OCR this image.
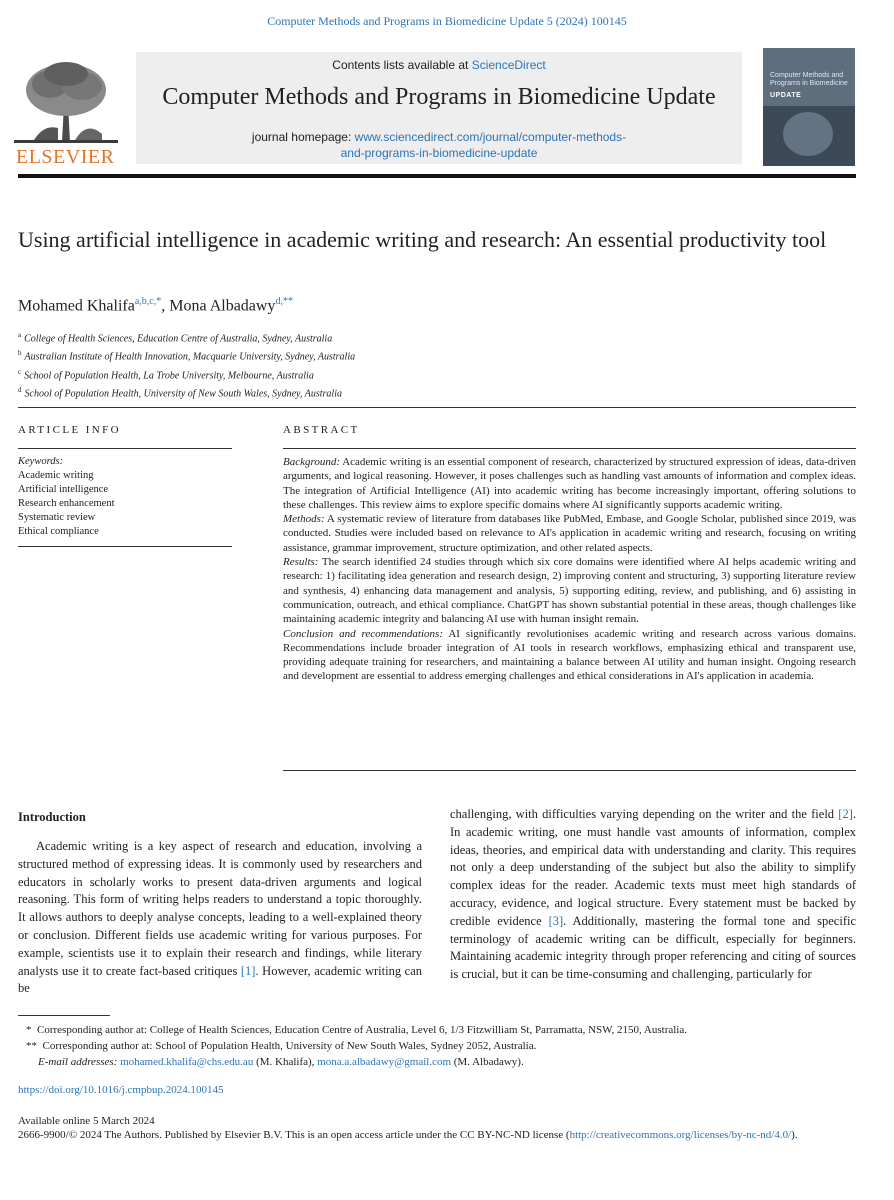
Computer Methods and Programs in Biomedicine Update 5 (2024) 100145
ELSEVIER
Contents lists available at ScienceDirect
Computer Methods and Programs in Biomedicine Update
journal homepage: www.sciencedirect.com/journal/computer-methods-
and-programs-in-biomedicine-update
Computer Methods and Programs in Biomedicine
UPDATE
Using artificial intelligence in academic writing and research: An essential productivity tool
Mohamed Khalifa$^{a,b,c,*}$, Mona Albadawy$^{d,**}$
$^a$ College of Health Sciences, Education Centre of Australia, Sydney, Australia
$^b$ Australian Institute of Health Innovation, Macquarie University, Sydney, Australia
$^c$ School of Population Health, La Trobe University, Melbourne, Australia
$^d$ School of Population Health, University of New South Wales, Sydney, Australia
ARTICLE INFO
Keywords:
Academic writing
Artificial intelligence
Research enhancement
Systematic review
Ethical compliance
ABSTRACT

Background: Academic writing is an essential component of research, characterized by structured expression of ideas, data-driven arguments, and logical reasoning. However, it poses challenges such as handling vast amounts of information and complex ideas. The integration of Artificial Intelligence (AI) into academic writing has become increasingly important, offering solutions to these challenges. This review aims to explore specific domains where AI significantly supports academic writing.

Methods: A systematic review of literature from databases like PubMed, Embase, and Google Scholar, published since 2019, was conducted. Studies were included based on relevance to AI's application in academic writing and research, focusing on writing assistance, grammar improvement, structure optimization, and other related aspects.

Results: The search identified 24 studies through which six core domains were identified where AI helps academic writing and research: 1) facilitating idea generation and research design, 2) improving content and structuring, 3) supporting literature review and synthesis, 4) enhancing data management and analysis, 5) supporting editing, review, and publishing, and 6) assisting in communication, outreach, and ethical compliance. ChatGPT has shown substantial potential in these areas, though challenges like maintaining academic integrity and balancing AI use with human insight remain.

Conclusion and recommendations: AI significantly revolutionises academic writing and research across various domains. Recommendations include broader integration of AI tools in research workflows, emphasizing ethical and transparent use, providing adequate training for researchers, and maintaining a balance between AI utility and human insight. Ongoing research and development are essential to address emerging challenges and ethical considerations in AI's application in academia.

Introduction

Academic writing is a key aspect of research and education, involving a structured method of expressing ideas. It is commonly used by researchers and educators in scholarly works to present data-driven arguments and logical reasoning. This form of writing helps readers to understand a topic thoroughly. It allows authors to deeply analyse concepts, leading to a well-explained theory or conclusion. Different fields use academic writing for various purposes. For example, scientists use it to explain their research and findings, while literary analysts use it to create fact-based critiques [1]. However, academic writing can be

challenging, with difficulties varying depending on the writer and the field [2]. In academic writing, one must handle vast amounts of information, complex ideas, theories, and empirical data with understanding and clarity. This requires not only a deep understanding of the subject but also the ability to simplify complex ideas for the reader. Academic texts must meet high standards of accuracy, evidence, and logical structure. Every statement must be backed by credible evidence [3]. Additionally, mastering the formal tone and specific terminology of academic writing can be difficult, especially for beginners. Maintaining academic integrity through proper referencing and citing of sources is crucial, but it can be time-consuming and challenging, particularly for

* Corresponding author at: College of Health Sciences, Education Centre of Australia, Level 6, 1/3 Fitzwilliam St, Parramatta, NSW, 2150, Australia.
** Corresponding author at: School of Population Health, University of New South Wales, Sydney 2052, Australia.
E-mail addresses: mohamed.khalifa@chs.edu.au (M. Khalifa), mona.a.albadawy@gmail.com (M. Albadawy).
https://doi.org/10.1016/j.cmpbup.2024.100145
Available online 5 March 2024
2666-9900/© 2024 The Authors. Published by Elsevier B.V. This is an open access article under the CC BY-NC-ND license (http://creativecommons.org/licenses/by-nc-nd/4.0/).
